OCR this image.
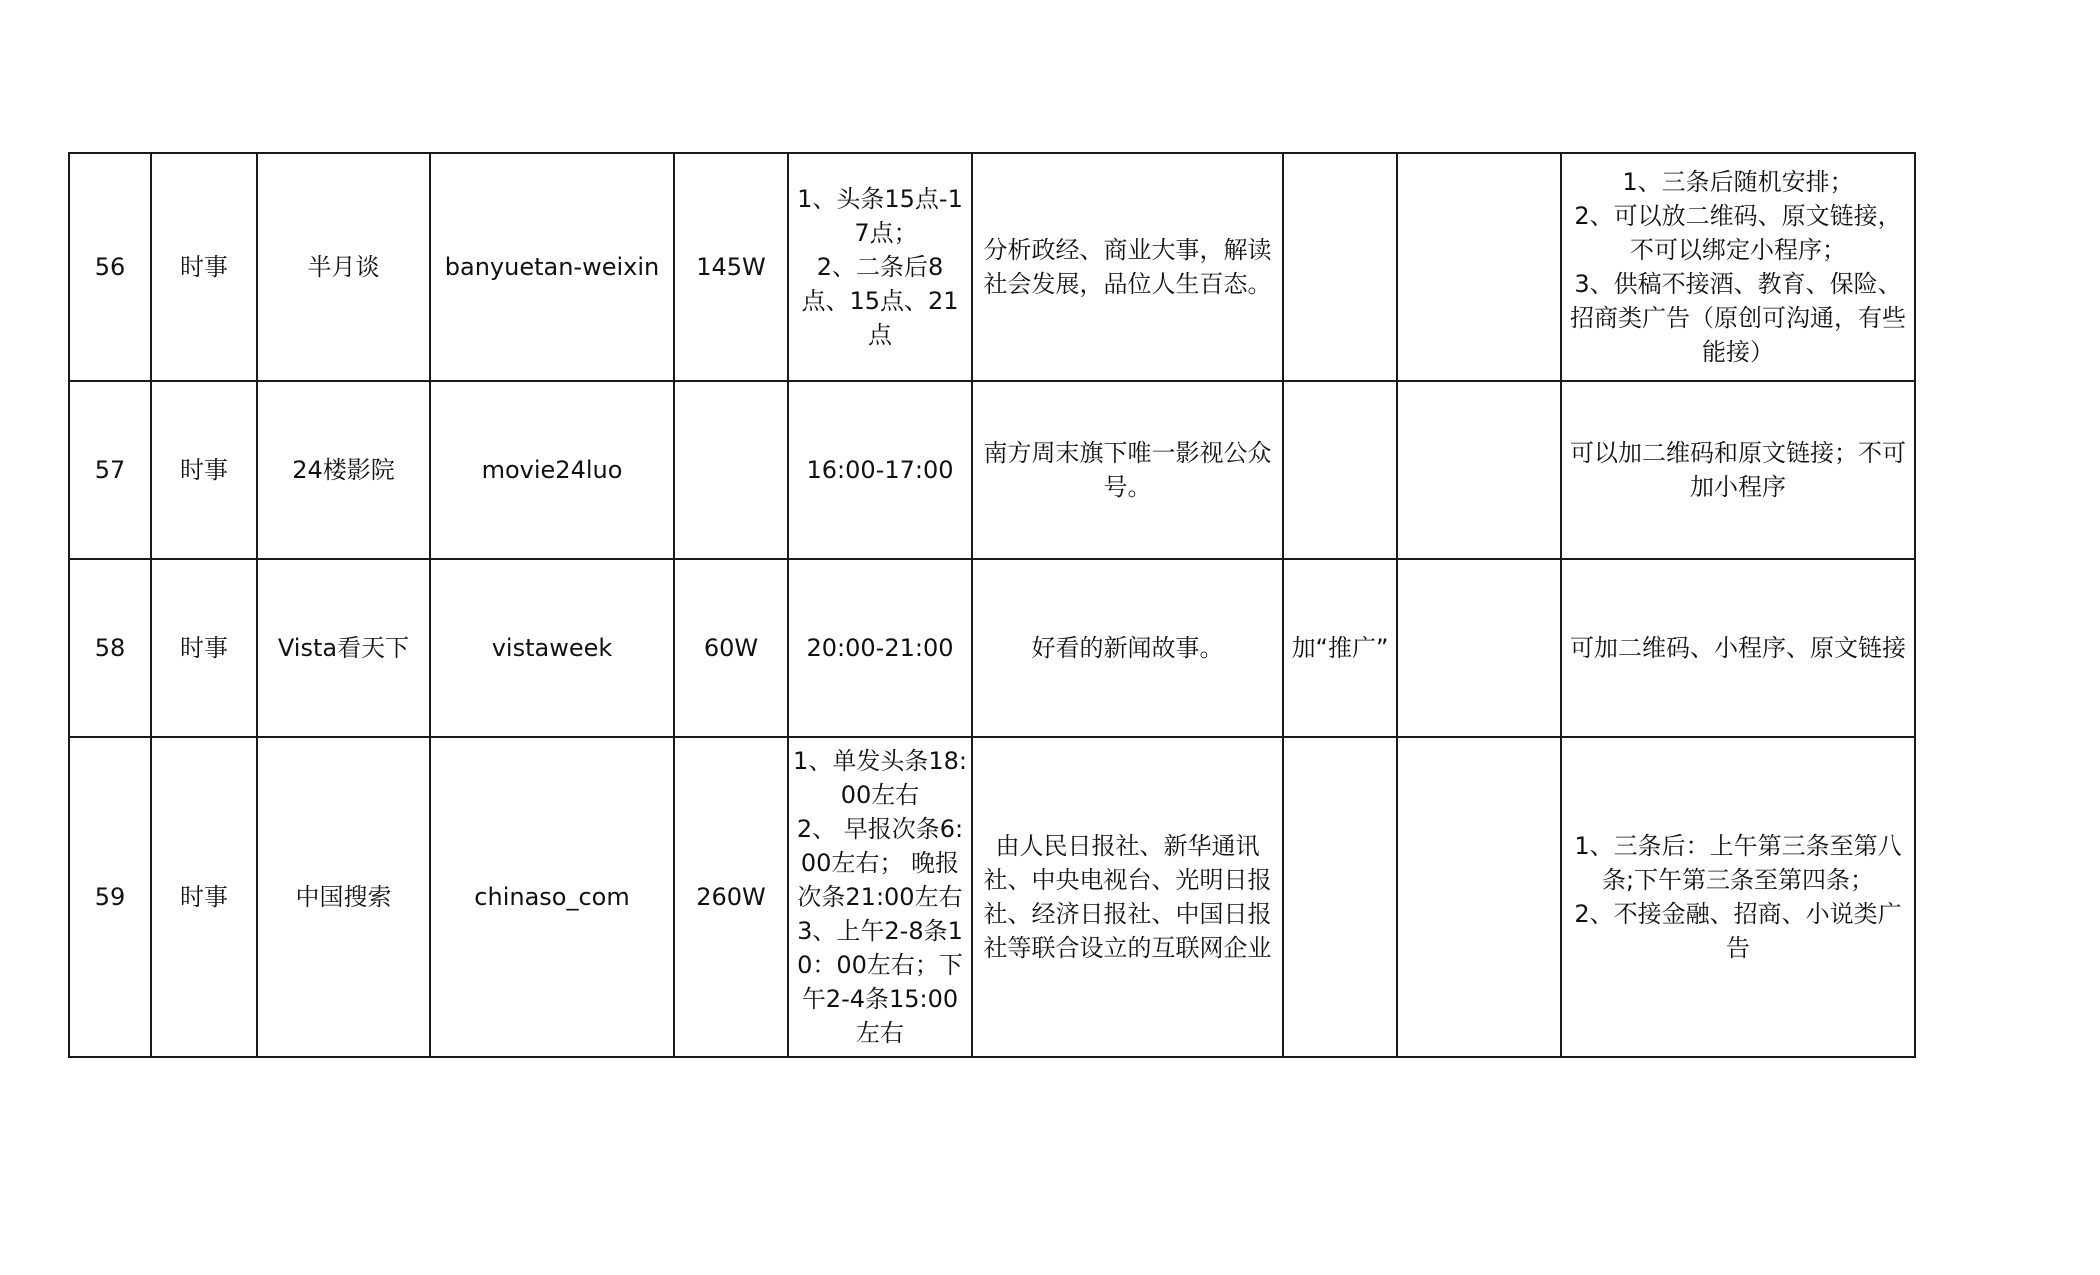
56	时事	半月谈	banyuetan-weixin	145W	1、头条15点-17点；　　　　2、二条后8点、15点、21点	分析政经、商业大事，解读社会发展，品位人生百态。			1、三条后随机安排；
2、可以放二维码、原文链接，不可以绑定小程序；
3、供稿不接酒、教育、保险、招商类广告（原创可沟通，有些能接）
57	时事	24楼影院	movie24luo		16:00-17:00	南方周末旗下唯一影视公众号。			可以加二维码和原文链接；不可加小程序
58	时事	Vista看天下	vistaweek	60W	20:00-21:00	好看的新闻故事。	加“推广”		可加二维码、小程序、原文链接
59	时事	中国搜索	chinaso_com	260W	1、单发头条18:00左右
2、 早报次条6:00左右； 晚报次条21:00左右
3、上午2-8条10：00左右；下午2-4条15:00左右	由人民日报社、新华通讯社、中央电视台、光明日报社、经济日报社、中国日报社等联合设立的互联网企业			1、三条后：上午第三条至第八条;下午第三条至第四条；
2、不接金融、招商、小说类广告
